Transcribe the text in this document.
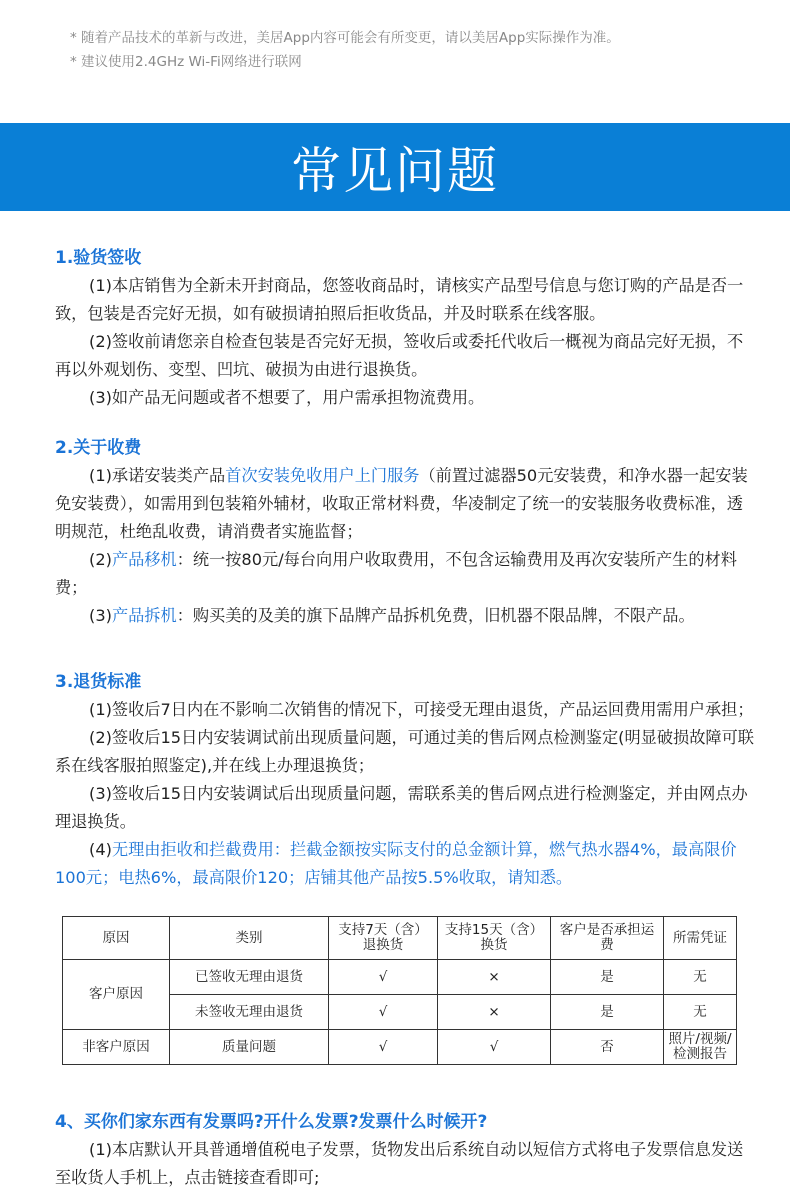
* 随着产品技术的革新与改进，美居App内容可能会有所变更，请以美居App实际操作为准。
* 建议使用2.4GHz Wi-Fi网络进行联网
常见问题
1.验货签收

(1)本店销售为全新未开封商品，您签收商品时，请核实产品型号信息与您订购的产品是否一致，包装是否完好无损，如有破损请拍照后拒收货品，并及时联系在线客服。

(2)签收前请您亲自检查包装是否完好无损，签收后或委托代收后一概视为商品完好无损，不再以外观划伤、变型、凹坑、破损为由进行退换货。

(3)如产品无问题或者不想要了，用户需承担物流费用。

2.关于收费

(1)承诺安装类产品首次安装免收用户上门服务（前置过滤器50元安装费，和净水器一起安装免安装费），如需用到包装箱外辅材，收取正常材料费，华凌制定了统一的安装服务收费标准，透明规范，杜绝乱收费，请消费者实施监督；

(2)产品移机：统一按80元/每台向用户收取费用，不包含运输费用及再次安装所产生的材料费；

(3)产品拆机：购买美的及美的旗下品牌产品拆机免费，旧机器不限品牌，不限产品。

3.退货标准

(1)签收后7日内在不影响二次销售的情况下，可接受无理由退货，产品运回费用需用户承担；

(2)签收后15日内安装调试前出现质量问题，可通过美的售后网点检测鉴定(明显破损故障可联系在线客服拍照鉴定),并在线上办理退换货；

(3)签收后15日内安装调试后出现质量问题，需联系美的售后网点进行检测鉴定，并由网点办理退换货。

(4)无理由拒收和拦截费用：拦截金额按实际支付的总金额计算，燃气热水器4%，最高限价100元；电热6%，最高限价120；店铺其他产品按5.5%收取，请知悉。

原因	类别	支持7天（含）退换货	支持15天（含）换货	客户是否承担运费	所需凭证
客户原因	已签收无理由退货	√	×	是	无
	未签收无理由退货	√	×	是	无
非客户原因	质量问题	√	√	否	照片/视频/检测报告
4、买你们家东西有发票吗?开什么发票?发票什么时候开?

(1)本店默认开具普通增值税电子发票，货物发出后系统自动以短信方式将电子发票信息发送至收货人手机上，点击链接查看即可;
